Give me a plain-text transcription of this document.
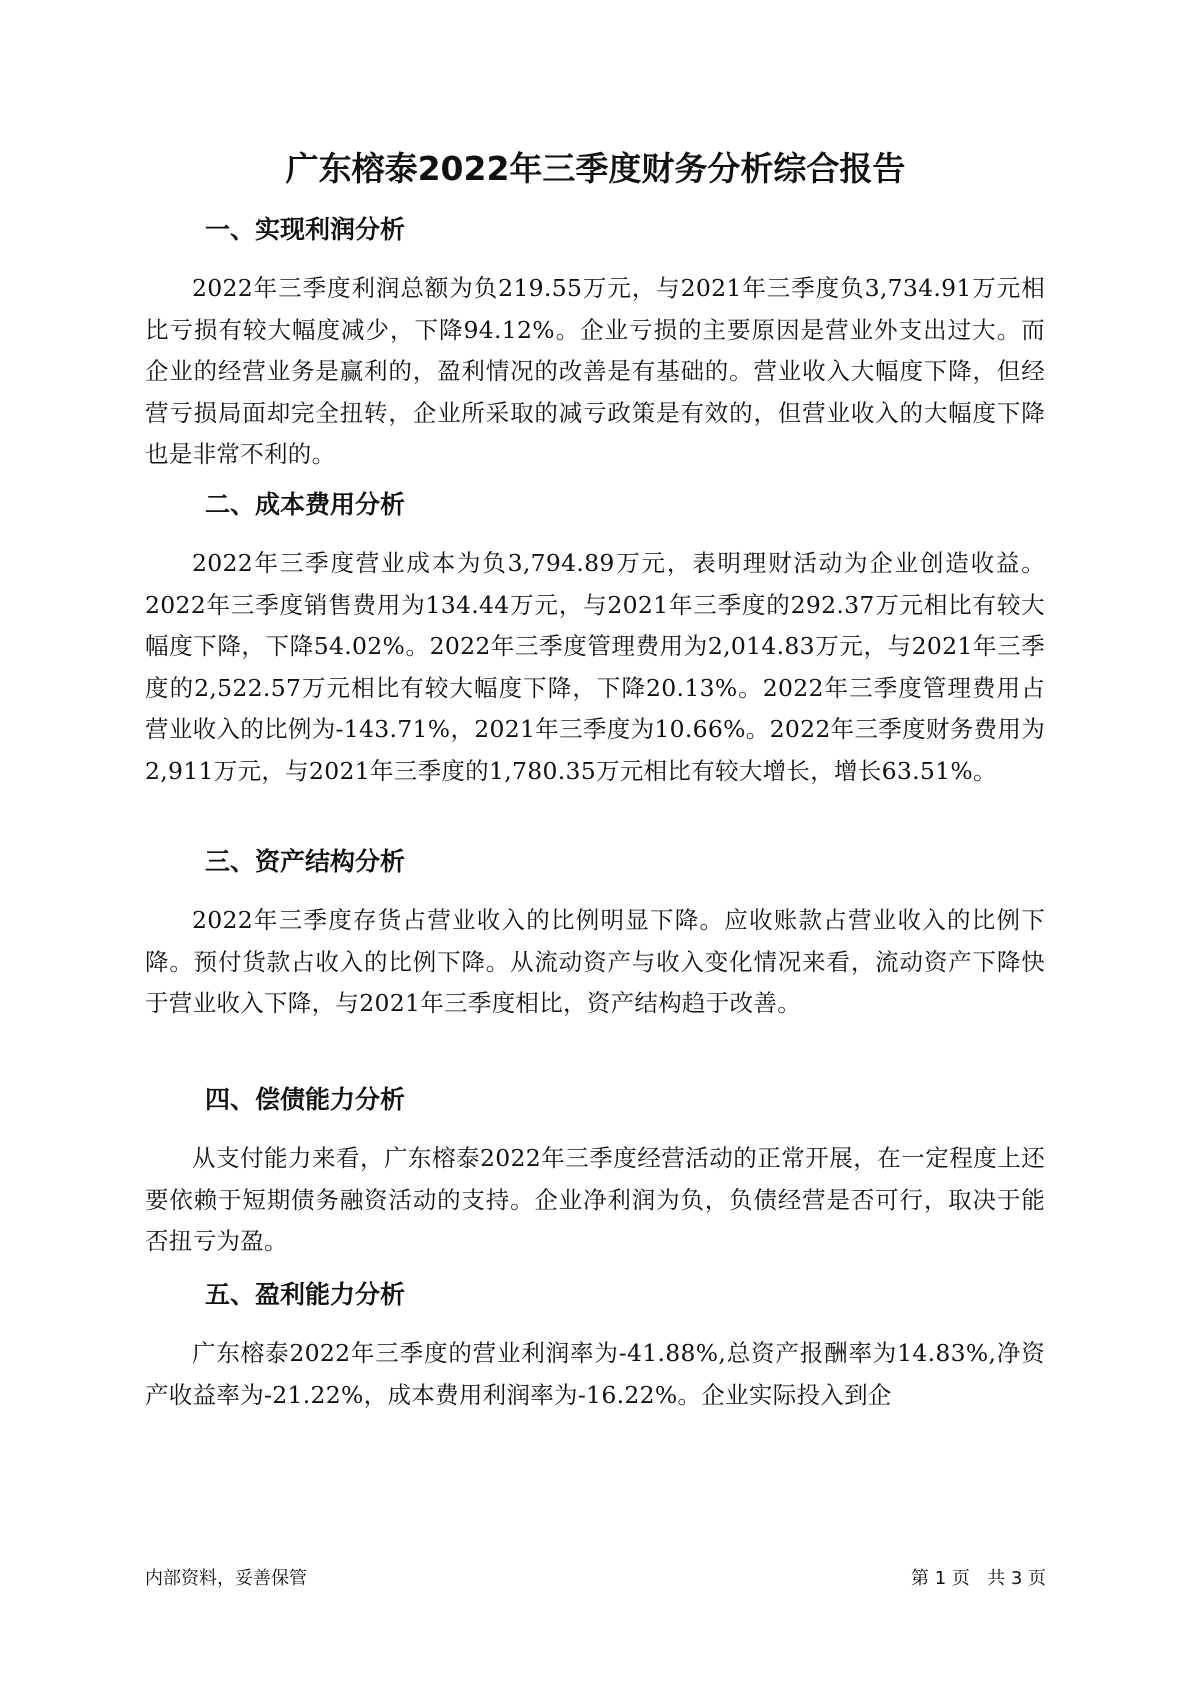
广东榕泰2022年三季度财务分析综合报告
一、实现利润分析

2022年三季度利润总额为负219.55万元，与2021年三季度负3,734.91万元相比亏损有较大幅度减少，下降94.12%。企业亏损的主要原因是营业外支出过大。而企业的经营业务是赢利的，盈利情况的改善是有基础的。营业收入大幅度下降，但经营亏损局面却完全扭转，企业所采取的减亏政策是有效的，但营业收入的大幅度下降也是非常不利的。

二、成本费用分析

2022年三季度营业成本为负3,794.89万元，表明理财活动为企业创造收益。2022年三季度销售费用为134.44万元，与2021年三季度的292.37万元相比有较大幅度下降，下降54.02%。2022年三季度管理费用为2,014.83万元，与2021年三季度的2,522.57万元相比有较大幅度下降，下降20.13%。2022年三季度管理费用占营业收入的比例为-143.71%，2021年三季度为10.66%。2022年三季度财务费用为2,911万元，与2021年三季度的1,780.35万元相比有较大增长，增长63.51%。

三、资产结构分析

2022年三季度存货占营业收入的比例明显下降。应收账款占营业收入的比例下降。预付货款占收入的比例下降。从流动资产与收入变化情况来看，流动资产下降快于营业收入下降，与2021年三季度相比，资产结构趋于改善。

四、偿债能力分析

从支付能力来看，广东榕泰2022年三季度经营活动的正常开展，在一定程度上还要依赖于短期债务融资活动的支持。企业净利润为负，负债经营是否可行，取决于能否扭亏为盈。

五、盈利能力分析

广东榕泰2022年三季度的营业利润率为-41.88%,总资产报酬率为14.83%,净资产收益率为-21.22%，成本费用利润率为-16.22%。企业实际投入到企

内部资料，妥善保管	第 1 页   共 3 页
